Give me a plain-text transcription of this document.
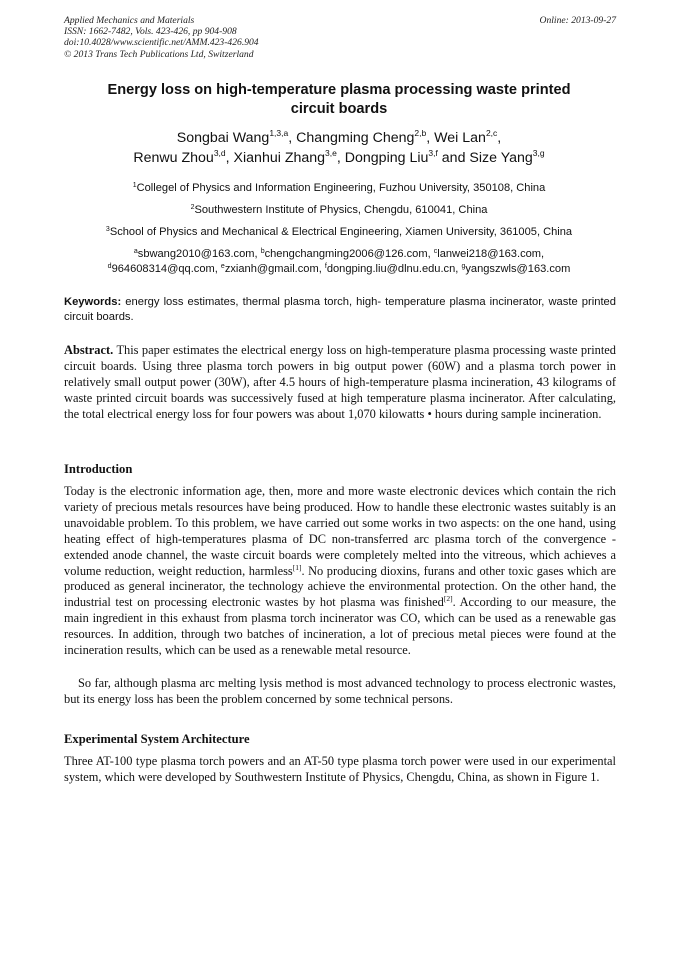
Applied Mechanics and Materials
ISSN: 1662-7482, Vols. 423-426, pp 904-908
doi:10.4028/www.scientific.net/AMM.423-426.904
© 2013 Trans Tech Publications Ltd, Switzerland
Online: 2013-09-27
Energy loss on high-temperature plasma processing waste printed
circuit boards
Songbai Wang$^{1,3,a}$, Changming Cheng$^{2,b}$, Wei Lan$^{2,c}$,
Renwu Zhou$^{3,d}$, Xianhui Zhang$^{3,e}$, Dongping Liu$^{3,f}$ and Size Yang$^{3,g}$
$^1$Collegel of Physics and Information Engineering, Fuzhou University, 350108, China
$^2$Southwestern Institute of Physics, Chengdu, 610041, China
$^3$School of Physics and Mechanical & Electrical Engineering, Xiamen University, 361005, China
$^a$sbwang2010@163.com, $^b$chengchangming2006@126.com, $^c$lanwei218@163.com,
$^d$964608314@qq.com, $^e$zxianh@gmail.com, $^f$dongping.liu@dlnu.edu.cn, $^g$yangszwls@163.com
Keywords: energy loss estimates, thermal plasma torch, high- temperature plasma incinerator, waste printed circuit boards.
Abstract. This paper estimates the electrical energy loss on high-temperature plasma processing waste printed circuit boards. Using three plasma torch powers in big output power (60W) and a plasma torch power in relatively small output power (30W), after 4.5 hours of high-temperature plasma incineration, 43 kilograms of waste printed circuit boards was successively fused at high temperature plasma incinerator. After calculating, the total electrical energy loss for four powers was about 1,070 kilowatts • hours during sample incineration.
Introduction
Today is the electronic information age, then, more and more waste electronic devices which contain the rich variety of precious metals resources have being produced. How to handle these electronic wastes suitably is an unavoidable problem. To this problem, we have carried out some works in two aspects: on the one hand, using heating effect of high-temperatures plasma of DC non-transferred arc plasma torch of the convergence - extended anode channel, the waste circuit boards were completely melted into the vitreous, which achieves a volume reduction, weight reduction, harmless[1]. No producing dioxins, furans and other toxic gases which are produced as general incinerator, the technology achieve the environmental protection. On the other hand, the industrial test on processing electronic wastes by hot plasma was finished[2]. According to our measure, the main ingredient in this exhaust from plasma torch incinerator was CO, which can be used as a renewable gas resources. In addition, through two batches of incineration, a lot of precious metal pieces were found at the incineration results, which can be used as a renewable metal resource.
So far, although plasma arc melting lysis method is most advanced technology to process electronic wastes, but its energy loss has been the problem concerned by some technical persons.
Experimental System Architecture
Three AT-100 type plasma torch powers and an AT-50 type plasma torch power were used in our experimental system, which were developed by Southwestern Institute of Physics, Chengdu, China, as shown in Figure 1.
